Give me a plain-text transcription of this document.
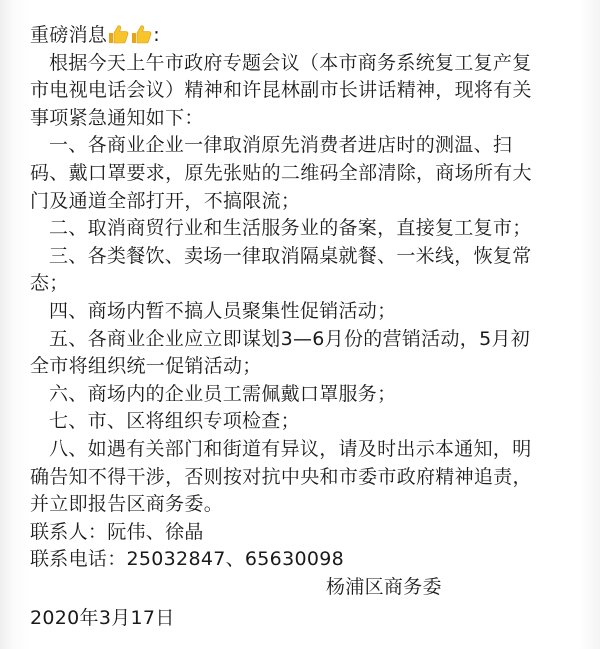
重磅消息 :
根据今天上午市政府专题会议（本市商务系统复工复产复
市电视电话会议）精神和许昆林副市长讲话精神，现将有关
事项紧急通知如下：
一、各商业企业一律取消原先消费者进店时的测温、扫
码、戴口罩要求，原先张贴的二维码全部清除，商场所有大
门及通道全部打开，不搞限流；
二、取消商贸行业和生活服务业的备案，直接复工复市；
三、各类餐饮、卖场一律取消隔桌就餐、一米线，恢复常
态；
四、商场内暂不搞人员聚集性促销活动；
五、各商业企业应立即谋划3—6月份的营销活动，5月初
全市将组织统一促销活动；
六、商场内的企业员工需佩戴口罩服务；
七、市、区将组织专项检查；
八、如遇有关部门和街道有异议，请及时出示本通知，明
确告知不得干涉，否则按对抗中央和市委市政府精神追责，
并立即报告区商务委。
联系人：阮伟、徐晶
联系电话：25032847、65630098
杨浦区商务委
2020年3月17日
